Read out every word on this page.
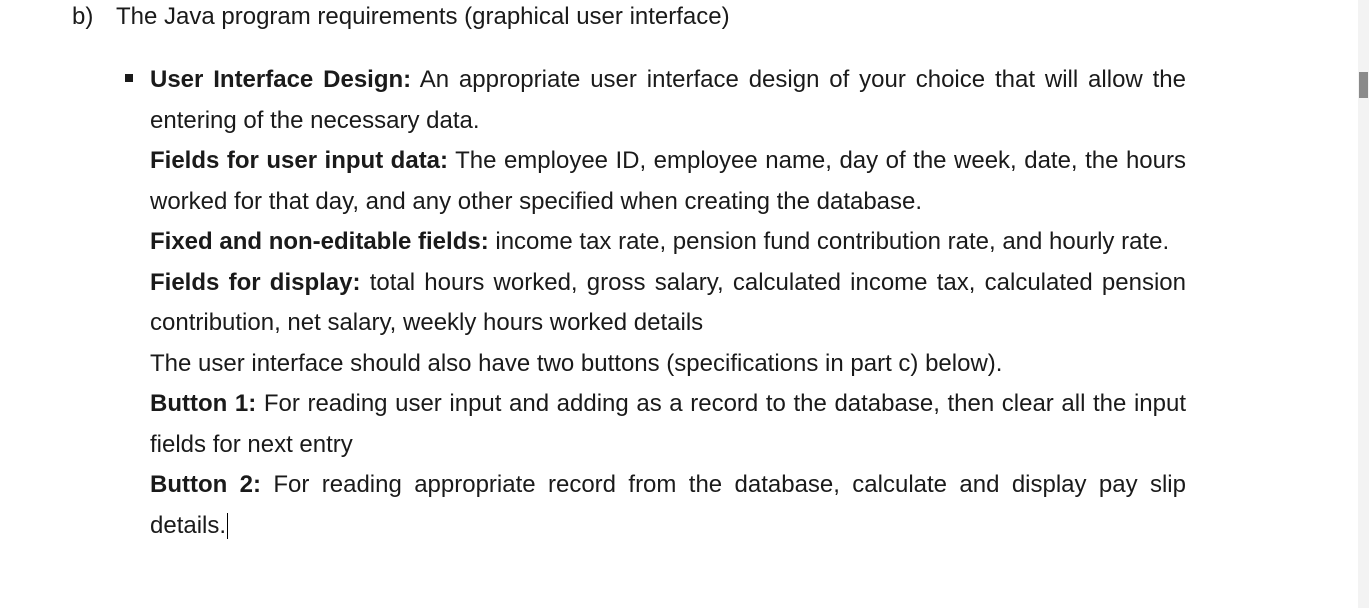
b) The Java program requirements (graphical user interface)

User Interface Design: An appropriate user interface design of your choice that will allow the entering of the necessary data.

Fields for user input data: The employee ID, employee name, day of the week, date, the hours worked for that day, and any other specified when creating the database.

Fixed and non-editable fields: income tax rate, pension fund contribution rate, and hourly rate.

Fields for display: total hours worked, gross salary, calculated income tax, calculated pension contribution, net salary, weekly hours worked details

The user interface should also have two buttons (specifications in part c) below).

Button 1: For reading user input and adding as a record to the database, then clear all the input fields for next entry

Button 2: For reading appropriate record from the database, calculate and display pay slip details.
